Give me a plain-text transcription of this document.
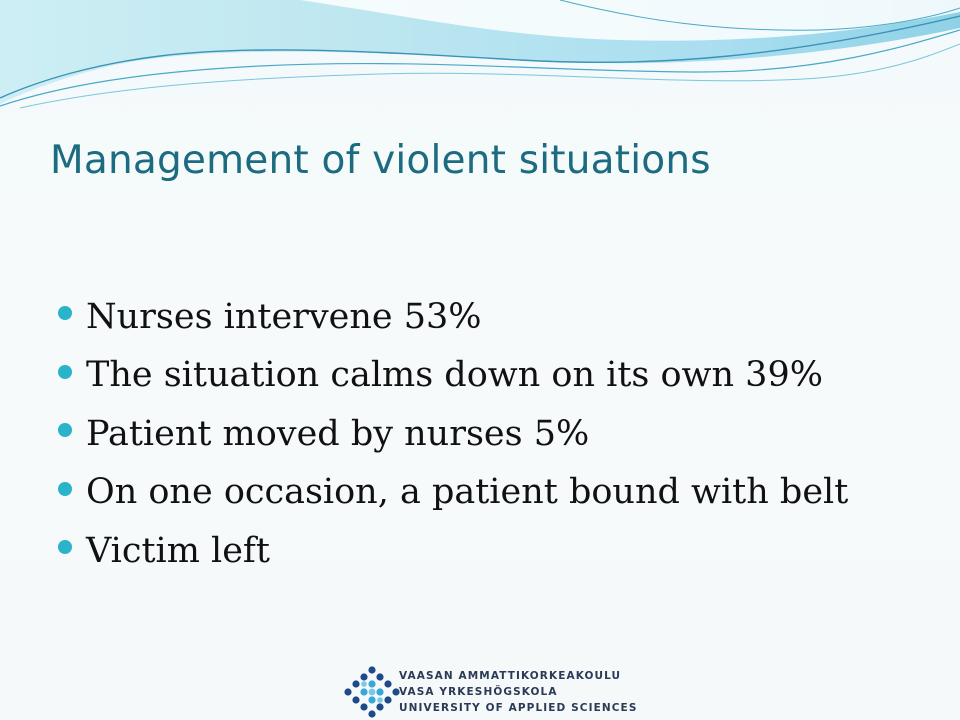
Management of violent situations
Nurses intervene 53%
The situation calms down on its own 39%
Patient moved by nurses 5%
On one occasion, a patient bound with belt
Victim left
VAASAN AMMATTIKORKEAKOULU
VASA YRKESHÖGSKOLA
UNIVERSITY OF APPLIED SCIENCES
